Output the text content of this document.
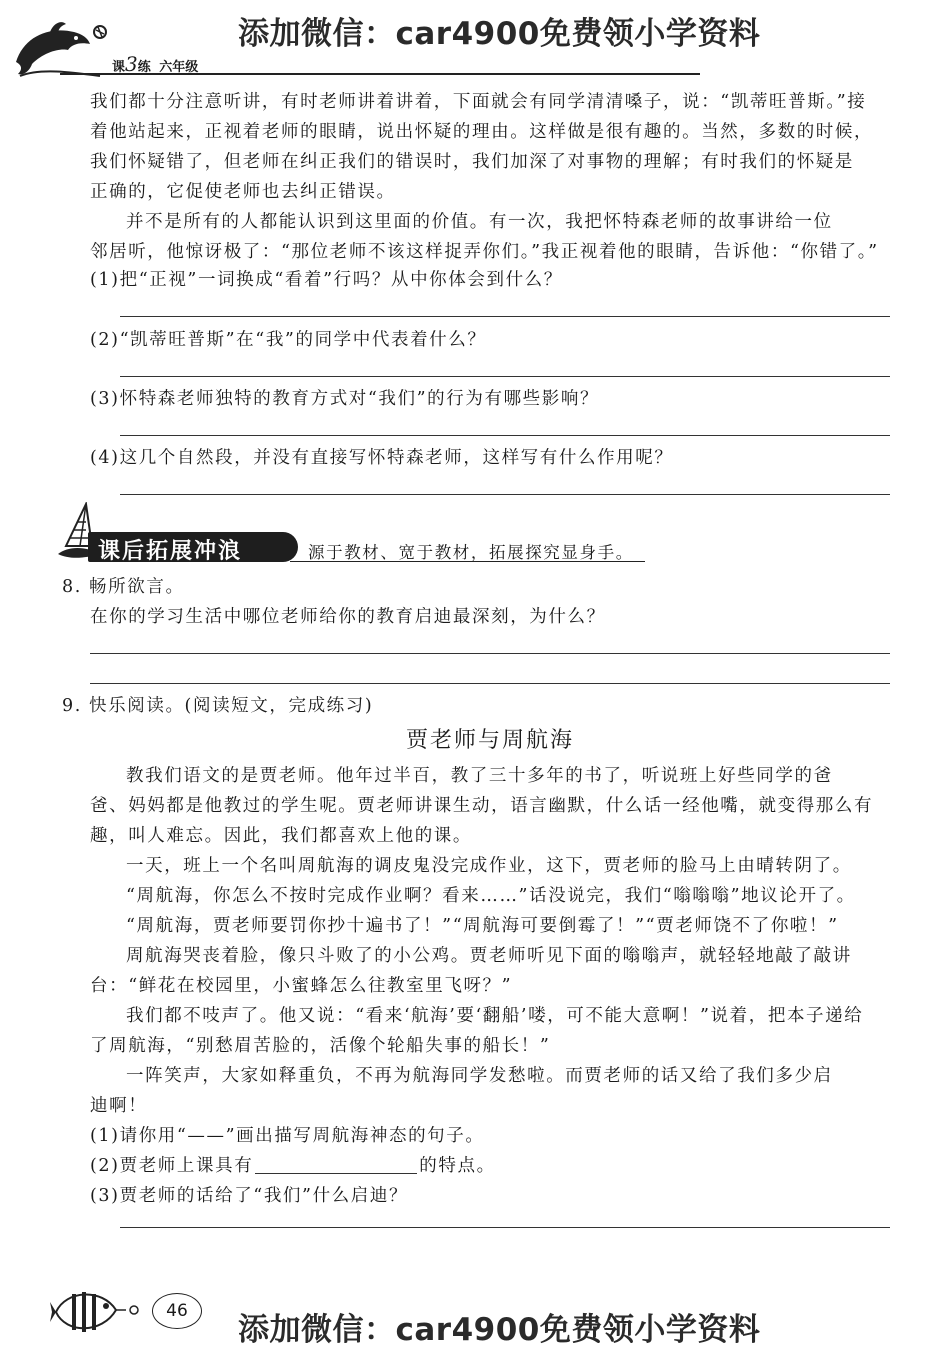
课3练 六年级
添加微信：car4900免费领小学资料
我们都十分注意听讲，有时老师讲着讲着，下面就会有同学清清嗓子，说：“凯蒂旺普斯。”接
着他站起来，正视着老师的眼睛，说出怀疑的理由。这样做是很有趣的。当然，多数的时候，
我们怀疑错了，但老师在纠正我们的错误时，我们加深了对事物的理解；有时我们的怀疑是
正确的，它促使老师也去纠正错误。
并不是所有的人都能认识到这里面的价值。有一次，我把怀特森老师的故事讲给一位
邻居听，他惊讶极了：“那位老师不该这样捉弄你们。”我正视着他的眼睛，告诉他：“你错了。”
(1)把“正视”一词换成“看着”行吗？从中你体会到什么？
(2)“凯蒂旺普斯”在“我”的同学中代表着什么？
(3)怀特森老师独特的教育方式对“我们”的行为有哪些影响？
(4)这几个自然段，并没有直接写怀特森老师，这样写有什么作用呢？
课后拓展冲浪	源于教材、宽于教材，拓展探究显身手。
8. 畅所欲言。
在你的学习生活中哪位老师给你的教育启迪最深刻，为什么？
9. 快乐阅读。(阅读短文，完成练习)
贾老师与周航海
教我们语文的是贾老师。他年过半百，教了三十多年的书了，听说班上好些同学的爸
爸、妈妈都是他教过的学生呢。贾老师讲课生动，语言幽默，什么话一经他嘴，就变得那么有
趣，叫人难忘。因此，我们都喜欢上他的课。
一天，班上一个名叫周航海的调皮鬼没完成作业，这下，贾老师的脸马上由晴转阴了。
“周航海，你怎么不按时完成作业啊？看来……”话没说完，我们“嗡嗡嗡”地议论开了。
“周航海，贾老师要罚你抄十遍书了！”“周航海可要倒霉了！”“贾老师饶不了你啦！”
周航海哭丧着脸，像只斗败了的小公鸡。贾老师听见下面的嗡嗡声，就轻轻地敲了敲讲
台：“鲜花在校园里，小蜜蜂怎么往教室里飞呀？”
我们都不吱声了。他又说：“看来‘航海’要‘翻船’喽，可不能大意啊！”说着，把本子递给
了周航海，“别愁眉苦脸的，活像个轮船失事的船长！”
一阵笑声，大家如释重负，不再为航海同学发愁啦。而贾老师的话又给了我们多少启
迪啊！
(1)请你用“——”画出描写周航海神态的句子。
(2)贾老师上课具有	的特点。
(3)贾老师的话给了“我们”什么启迪？
46
添加微信：car4900免费领小学资料
